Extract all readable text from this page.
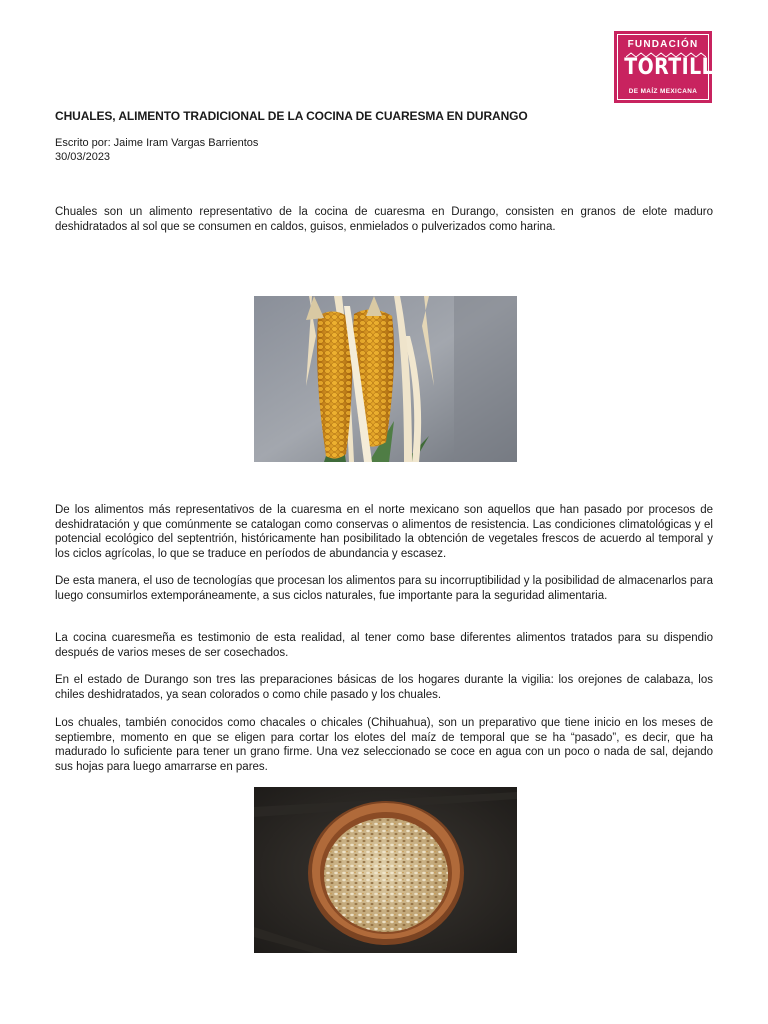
FUNDACIÓN
TORTILLA
DE MAÍZ MEXICANA
CHUALES, ALIMENTO TRADICIONAL DE LA COCINA DE CUARESMA EN DURANGO
Escrito por: Jaime Iram Vargas Barrientos
30/03/2023

Chuales son un alimento representativo de la cocina de cuaresma en Durango, consisten en granos de elote maduro deshidratados al sol que se consumen en caldos, guisos, enmielados o pulverizados como harina.

De los alimentos más representativos de la cuaresma en el norte mexicano son aquellos que han pasado por procesos de deshidratación y que comúnmente se catalogan como conservas o alimentos de resistencia. Las condiciones climatológicas y el potencial ecológico del septentrión, históricamente han posibilitado la obtención de vegetales frescos de acuerdo al temporal y los ciclos agrícolas, lo que se traduce en períodos de abundancia y escasez.

De esta manera, el uso de tecnologías que procesan los alimentos para su incorruptibilidad y la posibilidad de almacenarlos para luego consumirlos extemporáneamente, a sus ciclos naturales, fue importante para la seguridad alimentaria.

La cocina cuaresmeña es testimonio de esta realidad, al tener como base diferentes alimentos tratados para su dispendio después de varios meses de ser cosechados.

En el estado de Durango son tres las preparaciones básicas de los hogares durante la vigilia: los orejones de calabaza, los chiles deshidratados, ya sean colorados o como chile pasado y los chuales.

Los chuales, también conocidos como chacales o chicales (Chihuahua), son un preparativo que tiene inicio en los meses de septiembre, momento en que se eligen para cortar los elotes del maíz de temporal que se ha “pasado”, es decir, que ha madurado lo suficiente para tener un grano firme. Una vez seleccionado se coce en agua con un poco o nada de sal, dejando sus hojas para luego amarrarse en pares.
